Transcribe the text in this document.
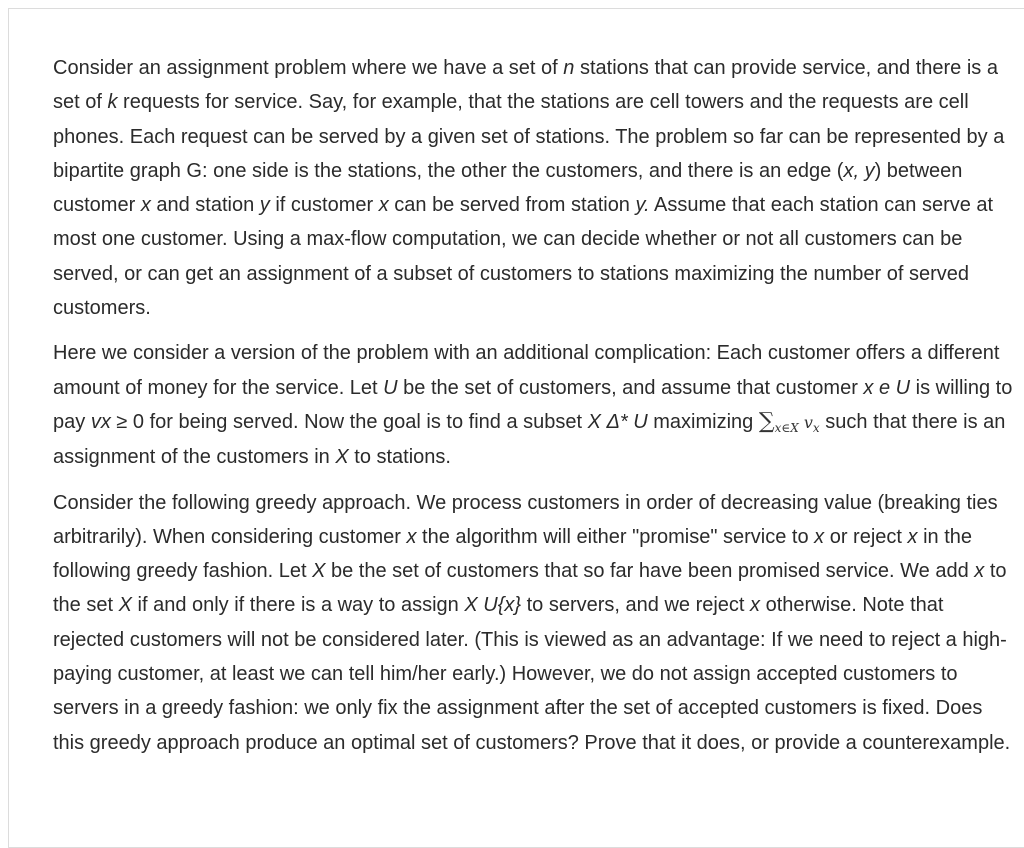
Consider an assignment problem where we have a set of n stations that can provide service, and there is a set of k requests for service. Say, for example, that the stations are cell towers and the requests are cell phones. Each request can be served by a given set of stations. The problem so far can be represented by a bipartite graph G: one side is the stations, the other the customers, and there is an edge (x, y) between customer x and station y if customer x can be served from station y. Assume that each station can serve at most one customer. Using a max-flow computation, we can decide whether or not all customers can be served, or can get an assignment of a subset of customers to stations maximizing the number of served customers.

Here we consider a version of the problem with an additional complication: Each customer offers a different amount of money for the service. Let U be the set of customers, and assume that customer x e U is willing to pay vx ≥ 0 for being served. Now the goal is to find a subset X Δ* U maximizing $\sum_{x\in X}$ $v_x$ such that there is an assignment of the customers in X to stations.

Consider the following greedy approach. We process customers in order of decreasing value (breaking ties arbitrarily). When considering customer x the algorithm will either "promise" service to x or reject x in the following greedy fashion. Let X be the set of customers that so far have been promised service. We add x to the set X if and only if there is a way to assign X U{x} to servers, and we reject x otherwise. Note that rejected customers will not be considered later. (This is viewed as an advantage: If we need to reject a high-paying customer, at least we can tell him/her early.) However, we do not assign accepted customers to servers in a greedy fashion: we only fix the assignment after the set of accepted customers is fixed. Does this greedy approach produce an optimal set of customers? Prove that it does, or provide a counterexample.
